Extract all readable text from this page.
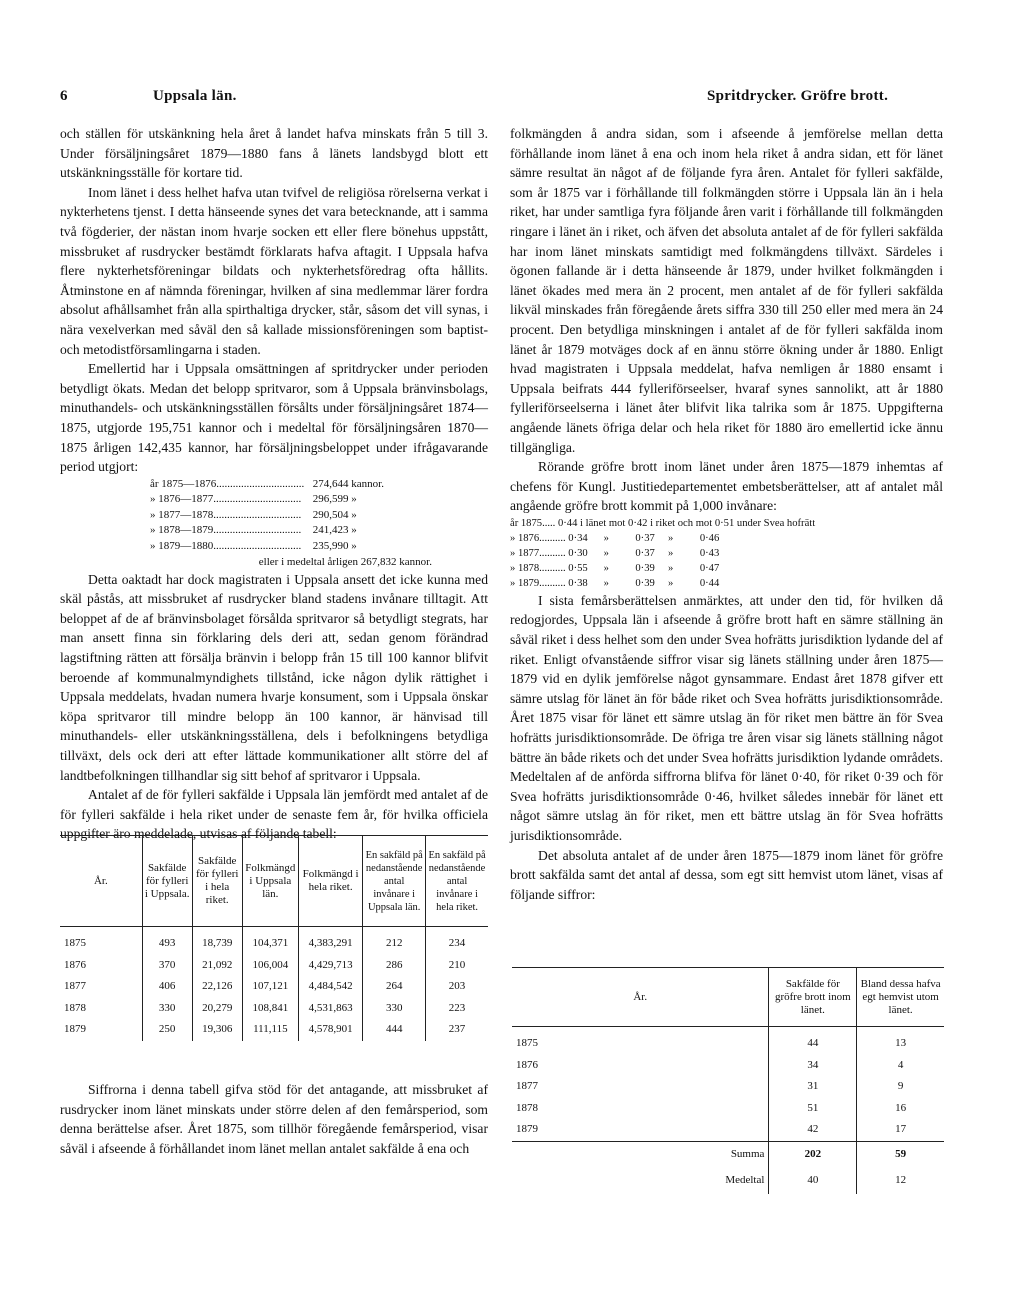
6	Uppsala län.	Spritdrycker. Gröfre brott.

och ställen för utskänkning hela året å landet hafva minskats från 5 till 3. Under försäljningsåret 1879—1880 fans å länets landsbygd blott ett utskänkningsställe för kortare tid.

Inom länet i dess helhet hafva utan tvifvel de religiösa rörelserna verkat i nykterhetens tjenst. I detta hänseende synes det vara betecknande, att i samma två fögderier, der nästan inom hvarje socken ett eller flere bönehus uppstått, missbruket af rusdrycker bestämdt förklarats hafva aftagit. I Uppsala hafva flere nykterhetsföreningar bildats och nykterhetsföredrag ofta hållits. Åtminstone en af nämnda föreningar, hvilken af sina medlemmar lärer fordra absolut afhållsamhet från alla spirthaltiga drycker, står, såsom det vill synas, i nära vexelverkan med såväl den så kallade missionsföreningen som baptist- och metodistförsamlingarna i staden.

Emellertid har i Uppsala omsättningen af spritdrycker under perioden betydligt ökats. Medan det belopp spritvaror, som å Uppsala bränvinsbolags, minuthandels- och utskänkningsställen försålts under försäljningsåret 1874—1875, utgjorde 195,751 kannor och i medeltal för försäljningsåren 1870—1875 årligen 142,435 kannor, har försäljningsbeloppet under ifrågavarande period utgjort:

år 1875—1876................................ 274,644 kannor.
» 1876—1877................................ 296,599 »
» 1877—1878................................ 290,504 »
» 1878—1879................................ 241,423 »
» 1879—1880................................ 235,990 »
eller i medeltal årligen 267,832 kannor.

Detta oaktadt har dock magistraten i Uppsala ansett det icke kunna med skäl påstås, att missbruket af rusdrycker bland stadens invånare tilltagit. Att beloppet af de af bränvinsbolaget försålda spritvaror så betydligt stegrats, har man ansett finna sin förklaring dels deri att, sedan genom förändrad lagstiftning rätten att försälja bränvin i belopp från 15 till 100 kannor blifvit beroende af kommunalmyndighets tillstånd, icke någon dylik rättighet i Uppsala meddelats, hvadan numera hvarje konsument, som i Uppsala önskar köpa spritvaror till mindre belopp än 100 kannor, är hänvisad till minuthandels- eller utskänkningsställena, dels i befolkningens betydliga tillväxt, dels ock deri att efter lättade kommunikationer allt större del af landtbefolkningen tillhandlar sig sitt behof af spritvaror i Uppsala.

Antalet af de för fylleri sakfälde i Uppsala län jemfördt med antalet af de för fylleri sakfälde i hela riket under de senaste fem år, för hvilka officiela uppgifter äro meddelade, utvisas af följande tabell:

År.	Sakfälde för fylleri i Uppsala.	Sakfälde för fylleri i hela riket.	Folkmängd i Uppsala län.	Folkmängd i hela riket.	En sakfäld på nedanstående antal invånare i Uppsala län.	En sakfäld på nedanstående antal invånare i hela riket.
1875	493	18,739	104,371	4,383,291	212	234
1876	370	21,092	106,004	4,429,713	286	210
1877	406	22,126	107,121	4,484,542	264	203
1878	330	20,279	108,841	4,531,863	330	223
1879	250	19,306	111,115	4,578,901	444	237

Siffrorna i denna tabell gifva stöd för det antagande, att missbruket af rusdrycker inom länet minskats under större delen af den femårsperiod, som denna berättelse afser. Året 1875, som tillhör föregående femårsperiod, visar såväl i afseende å förhållandet inom länet mellan antalet sakfälde å ena och

folkmängden å andra sidan, som i afseende å jemförelse mellan detta förhållande inom länet å ena och inom hela riket å andra sidan, ett för länet sämre resultat än något af de följande fyra åren. Antalet för fylleri sakfälde, som år 1875 var i förhållande till folkmängden större i Uppsala län än i hela riket, har under samtliga fyra följande åren varit i förhållande till folkmängden ringare i länet än i riket, och äfven det absoluta antalet af de för fylleri sakfälda har inom länet minskats samtidigt med folkmängdens tillväxt. Särdeles i ögonen fallande är i detta hänseende år 1879, under hvilket folkmängden i länet ökades med mera än 2 procent, men antalet af de för fylleri sakfälda likväl minskades från föregående årets siffra 330 till 250 eller med mera än 24 procent. Den betydliga minskningen i antalet af de för fylleri sakfälda inom länet år 1879 motväges dock af en ännu större ökning under år 1880. Enligt hvad magistraten i Uppsala meddelat, hafva nemligen år 1880 ensamt i Uppsala beifrats 444 fylleriförseelser, hvaraf synes sannolikt, att år 1880 fylleriförseelserna i länet åter blifvit lika talrika som år 1875. Uppgifterna angående länets öfriga delar och hela riket för 1880 äro emellertid icke ännu tillgängliga.

Rörande gröfre brott inom länet under åren 1875—1879 inhemtas af chefens för Kungl. Justitiedepartementet embetsberättelser, att af antalet mål angående gröfre brott kommit på 1,000 invånare:

år 1875..... 0·44 i länet mot 0·42 i riket och mot 0·51 under Svea hofrätt
» 1876.......... 0·34 » 0·37 » 0·46
» 1877.......... 0·30 » 0·37 » 0·43
» 1878.......... 0·55 » 0·39 » 0·47
» 1879.......... 0·38 » 0·39 » 0·44

I sista femårsberättelsen anmärktes, att under den tid, för hvilken då redogjordes, Uppsala län i afseende å gröfre brott haft en sämre ställning än såväl riket i dess helhet som den under Svea hofrätts jurisdiktion lydande del af riket. Enligt ofvanstående siffror visar sig länets ställning under åren 1875—1879 vid en dylik jemförelse något gynsammare. Endast året 1878 gifver ett sämre utslag för länet än för både riket och Svea hofrätts jurisdiktionsområde. Året 1875 visar för länet ett sämre utslag än för riket men bättre än för Svea hofrätts jurisdiktionsområde. De öfriga tre åren visar sig länets ställning något bättre än både rikets och det under Svea hofrätts jurisdiktion lydande områdets. Medeltalen af de anförda siffrorna blifva för länet 0·40, för riket 0·39 och för Svea hofrätts jurisdiktionsområde 0·46, hvilket således innebär för länet ett något sämre utslag än för riket, men ett bättre utslag än för Svea hofrätts jurisdiktionsområde.

Det absoluta antalet af de under åren 1875—1879 inom länet för gröfre brott sakfälda samt det antal af dessa, som egt sitt hemvist utom länet, visas af följande siffror:

År.	Sakfälde för gröfre brott inom länet.	Bland dessa hafva egt hemvist utom länet.
1875	44	13
1876	34	4
1877	31	9
1878	51	16
1879	42	17
Summa	202	59
Medeltal	40	12
